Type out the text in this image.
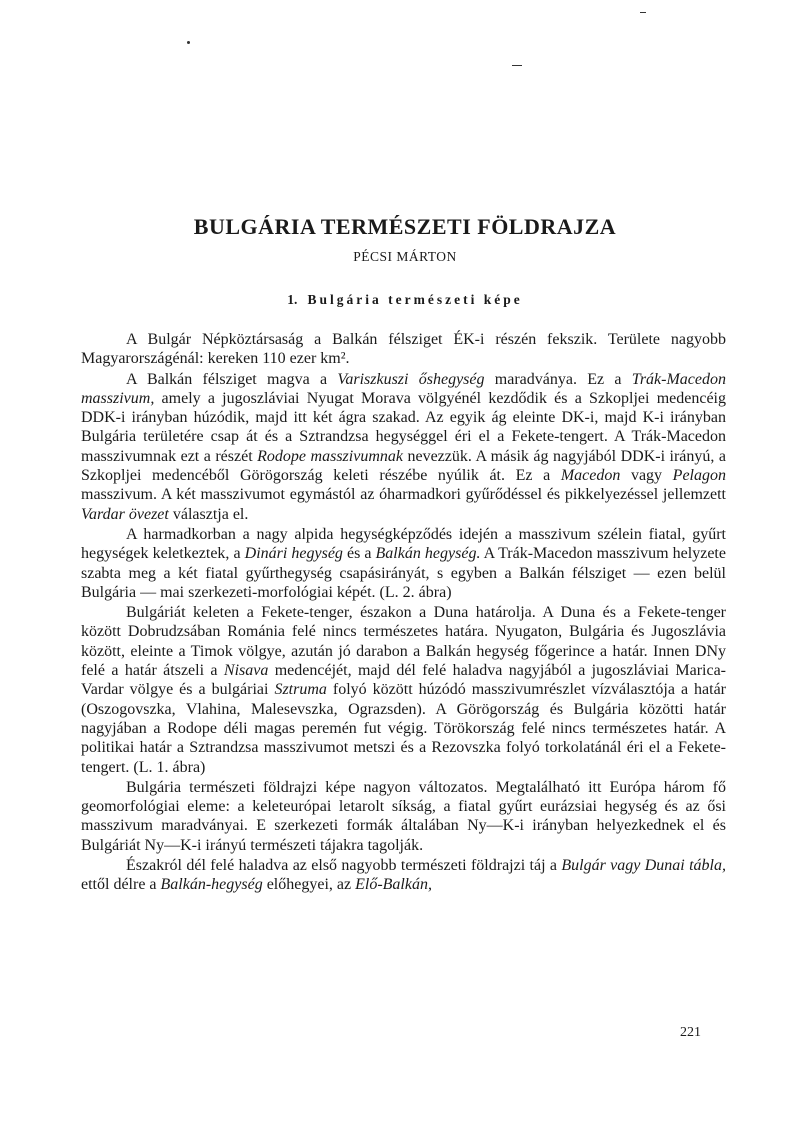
BULGÁRIA TERMÉSZETI FÖLDRAJZA
PÉCSI MÁRTON
1. Bulgária természeti képe

A Bulgár Népköztársaság a Balkán félsziget ÉK-i részén fekszik. Területe nagyobb Magyarországénál: kereken 110 ezer km².

A Balkán félsziget magva a Variszkuszi őshegység maradványa. Ez a Trák-Macedon masszivum, amely a jugoszláviai Nyugat Morava völgyénél kezdődik és a Szkopljei medencéig DDK-i irányban húzódik, majd itt két ágra szakad. Az egyik ág eleinte DK-i, majd K-i irányban Bulgária területére csap át és a Sztrandzsa hegységgel éri el a Fekete-tengert. A Trák-Macedon masszivumnak ezt a részét Rodope masszivumnak nevezzük. A másik ág nagyjából DDK-i irányú, a Szkopljei medencéből Görögország keleti részébe nyúlik át. Ez a Macedon vagy Pelagon masszivum. A két masszivumot egymástól az óharmadkori gyűrődéssel és pikkelyezéssel jellemzett Vardar övezet választja el.

A harmadkorban a nagy alpida hegységképződés idején a masszivum szélein fiatal, gyűrt hegységek keletkeztek, a Dinári hegység és a Balkán hegység. A Trák-Macedon masszivum helyzete szabta meg a két fiatal gyűrthegység csapásirányát, s egyben a Balkán félsziget — ezen belül Bulgária — mai szerkezeti-morfológiai képét. (L. 2. ábra)

Bulgáriát keleten a Fekete-tenger, északon a Duna határolja. A Duna és a Fekete-tenger között Dobrudzsában Románia felé nincs természetes határa. Nyugaton, Bulgária és Jugoszlávia között, eleinte a Timok völgye, azután jó darabon a Balkán hegység főgerince a határ. Innen DNy felé a határ átszeli a Nisava medencéjét, majd dél felé haladva nagyjából a jugoszláviai Marica-Vardar völgye és a bulgáriai Sztruma folyó között húzódó masszivumrészlet vízválasztója a határ (Oszogovszka, Vlahina, Malesevszka, Ograzsden). A Görögország és Bulgária közötti határ nagyjában a Rodope déli magas peremén fut végig. Törökország felé nincs természetes határ. A politikai határ a Sztrandzsa masszivumot metszi és a Rezovszka folyó torkolatánál éri el a Fekete-tengert. (L. 1. ábra)

Bulgária természeti földrajzi képe nagyon változatos. Megtalálható itt Európa három fő geomorfológiai eleme: a keleteurópai letarolt síkság, a fiatal gyűrt eurázsiai hegység és az ősi masszivum maradványai. E szerkezeti formák általában Ny—K-i irányban helyezkednek el és Bulgáriát Ny—K-i irányú természeti tájakra tagolják.

Északról dél felé haladva az első nagyobb természeti földrajzi táj a Bulgár vagy Dunai tábla, ettől délre a Balkán-hegység előhegyei, az Elő-Balkán,

221
